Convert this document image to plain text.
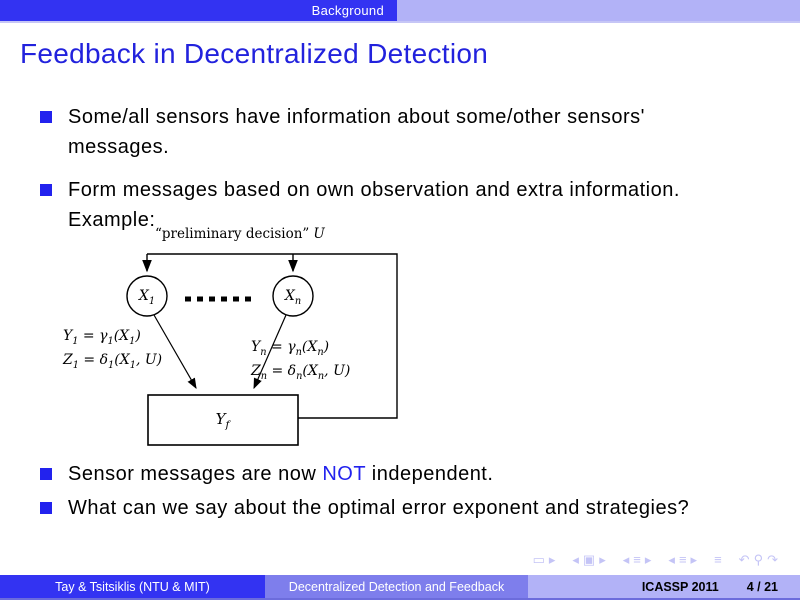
Background
Feedback in Decentralized Detection
Some/all sensors have information about some/other sensors'
messages.
Form messages based on own observation and extra information.
Example:
“preliminary decision” U
$X_1$	$X_n$
$Y_1 = \gamma_1(X_1)$
$Z_1 = \delta_1(X_1$, U)
$Y_n = \gamma_n(X_n)$
$Z_n = \delta_n(X_n$, U)
$Y_f$
Sensor messages are now NOT independent.
What can we say about the optimal error exponent and strategies?
▭ ▸ ◂ ▣ ▸ ◂ ≡ ▸ ◂ ≡ ▸ ≡ ↶ ⚲ ↷
Tay & Tsitsiklis (NTU & MIT)	Decentralized Detection and Feedback	ICASSP 2011 4 / 21
